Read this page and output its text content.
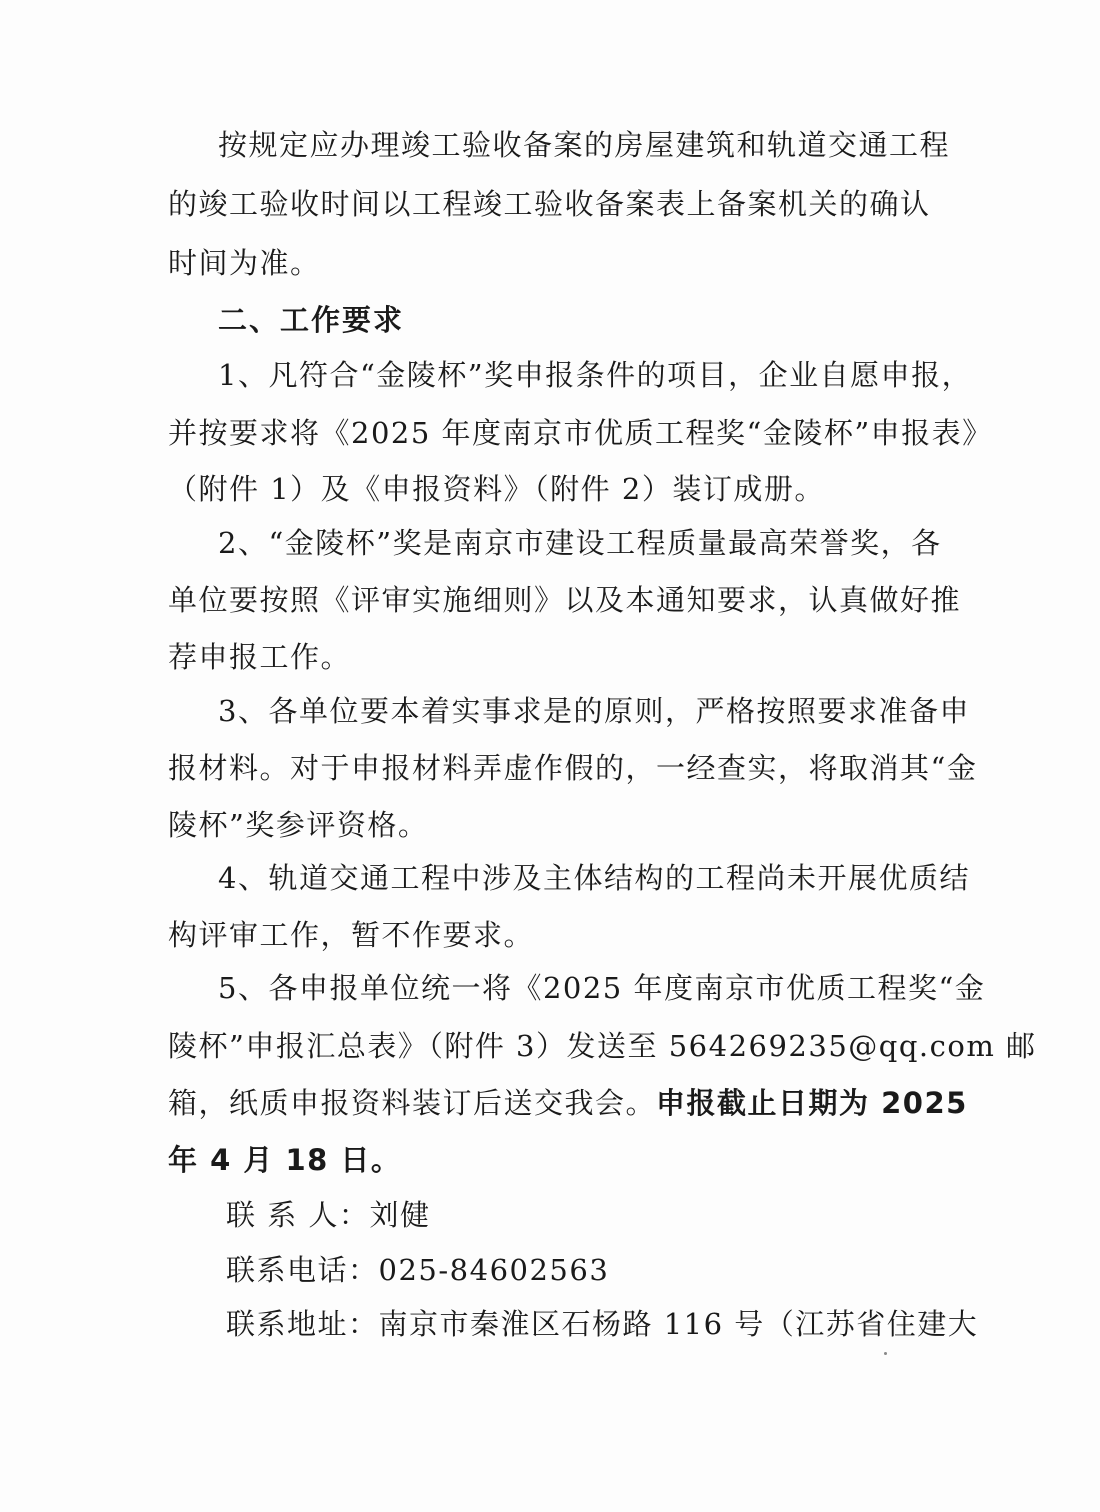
按规定应办理竣工验收备案的房屋建筑和轨道交通工程
的竣工验收时间以工程竣工验收备案表上备案机关的确认
时间为准。
二、工作要求
1、凡符合“金陵杯”奖申报条件的项目，企业自愿申报，
并按要求将《2025 年度南京市优质工程奖“金陵杯”申报表》
（附件 1）及《申报资料》（附件 2）装订成册。
2、“金陵杯”奖是南京市建设工程质量最高荣誉奖，各
单位要按照《评审实施细则》以及本通知要求，认真做好推
荐申报工作。
3、各单位要本着实事求是的原则，严格按照要求准备申
报材料。对于申报材料弄虚作假的，一经查实，将取消其“金
陵杯”奖参评资格。
4、轨道交通工程中涉及主体结构的工程尚未开展优质结
构评审工作，暂不作要求。
5、各申报单位统一将《2025 年度南京市优质工程奖“金
陵杯”申报汇总表》（附件 3）发送至 564269235@qq.com 邮
箱，纸质申报资料装订后送交我会。申报截止日期为 2025
年 4 月 18 日。
联 系 人：刘健
联系电话：025-84602563
联系地址：南京市秦淮区石杨路 116 号（江苏省住建大
